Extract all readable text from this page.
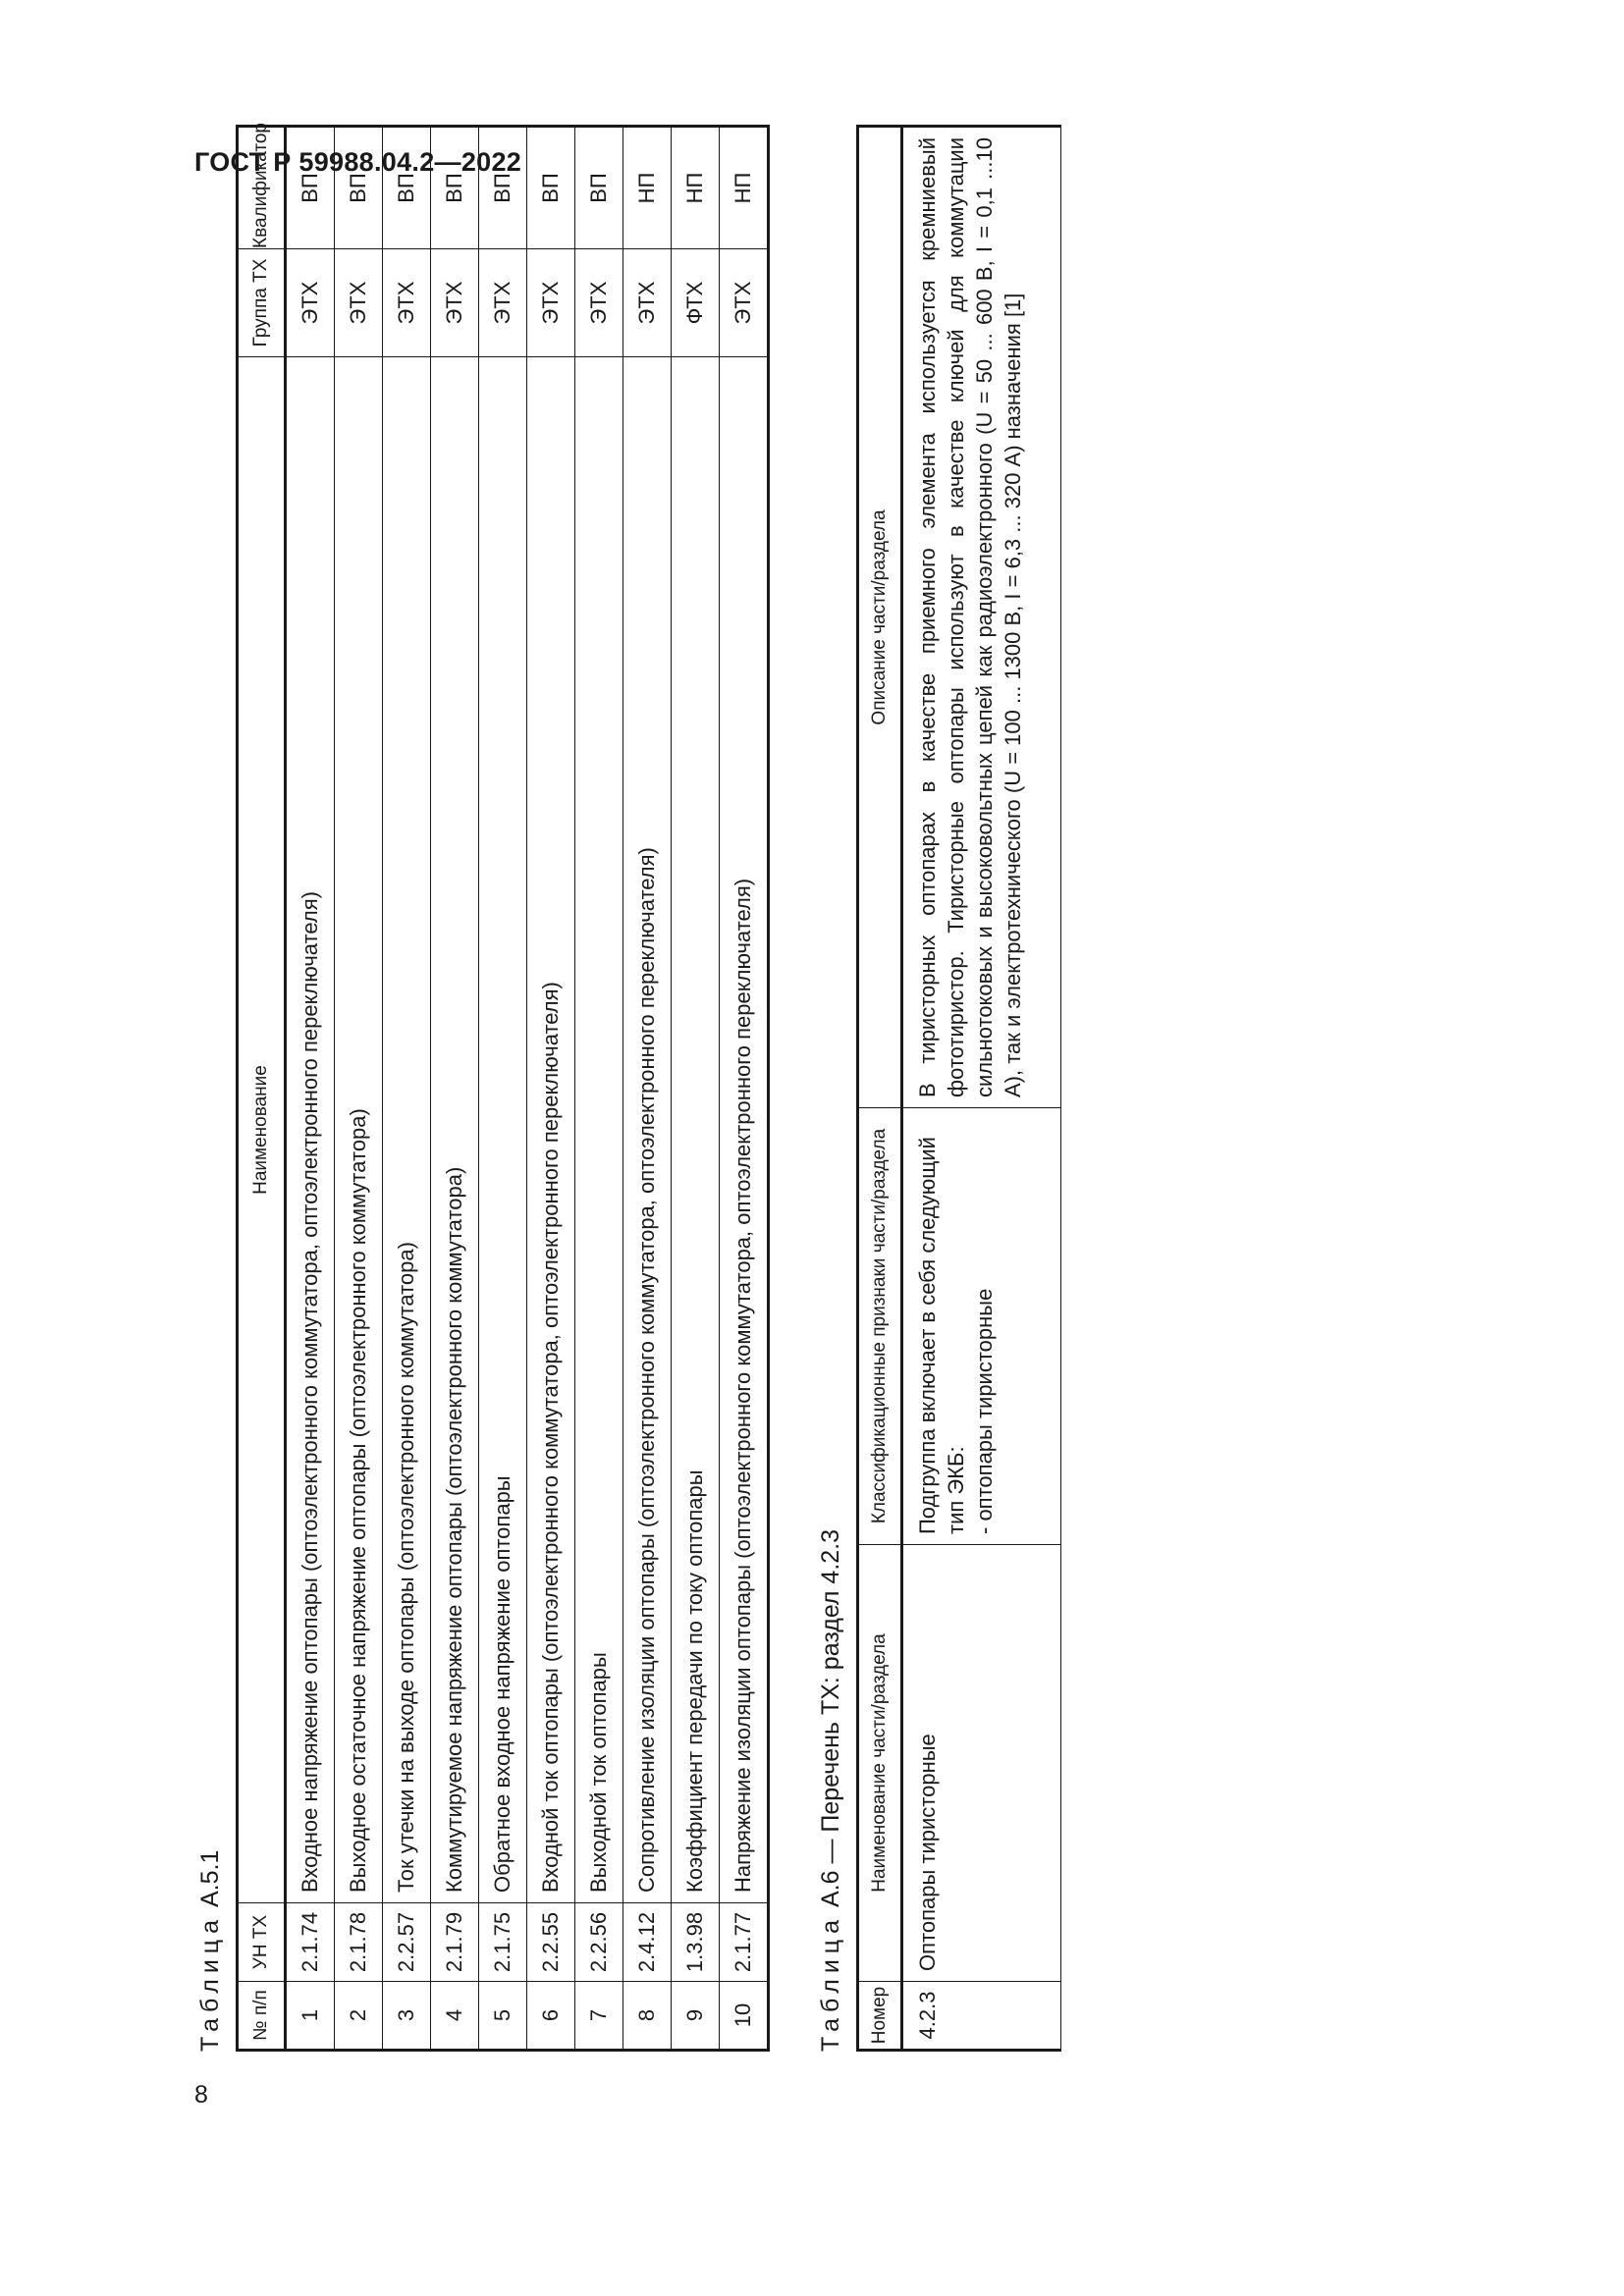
ГОСТ Р 59988.04.2—2022
8
Таблица А.5.1
№ п/п	УН ТХ	Наименование	Группа ТХ	Квалификатор
1	2.1.74	Входное напряжение оптопары (оптоэлектронного коммутатора, оптоэлектронного переключателя)	ЭТХ	ВП
2	2.1.78	Выходное остаточное напряжение оптопары (оптоэлектронного коммутатора)	ЭТХ	ВП
3	2.2.57	Ток утечки на выходе оптопары (оптоэлектронного коммутатора)	ЭТХ	ВП
4	2.1.79	Коммутируемое напряжение оптопары (оптоэлектронного коммутатора)	ЭТХ	ВП
5	2.1.75	Обратное входное напряжение оптопары	ЭТХ	ВП
6	2.2.55	Входной ток оптопары (оптоэлектронного коммутатора, оптоэлектронного переключателя)	ЭТХ	ВП
7	2.2.56	Выходной ток оптопары	ЭТХ	ВП
8	2.4.12	Сопротивление изоляции оптопары (оптоэлектронного коммутатора, оптоэлектронного переключателя)	ЭТХ	НП
9	1.3.98	Коэффициент передачи по току оптопары	ФТХ	НП
10	2.1.77	Напряжение изоляции оптопары (оптоэлектронного коммутатора, оптоэлектронного переключателя)	ЭТХ	НП
Таблица А.6 — Перечень ТХ: раздел 4.2.3
Номер	Наименование части/раздела	Классификационные признаки части/раздела	Описание части/раздела
4.2.3	Оптопары тиристорные	Подгруппа включает в себя следующий тип ЭКБ: - оптопары тиристорные	В тиристорных оптопарах в качестве приемного элемента используется кремниевый фототиристор. Тиристорные оптопары используют в качестве ключей для коммутации сильнотоковых и высоковольтных цепей как радиоэлектронного (U = 50 ... 600 В, I = 0,1 ...10 А), так и электротехнического (U = 100 ... 1300 В, I = 6,3 ... 320 А) назначения [1]
